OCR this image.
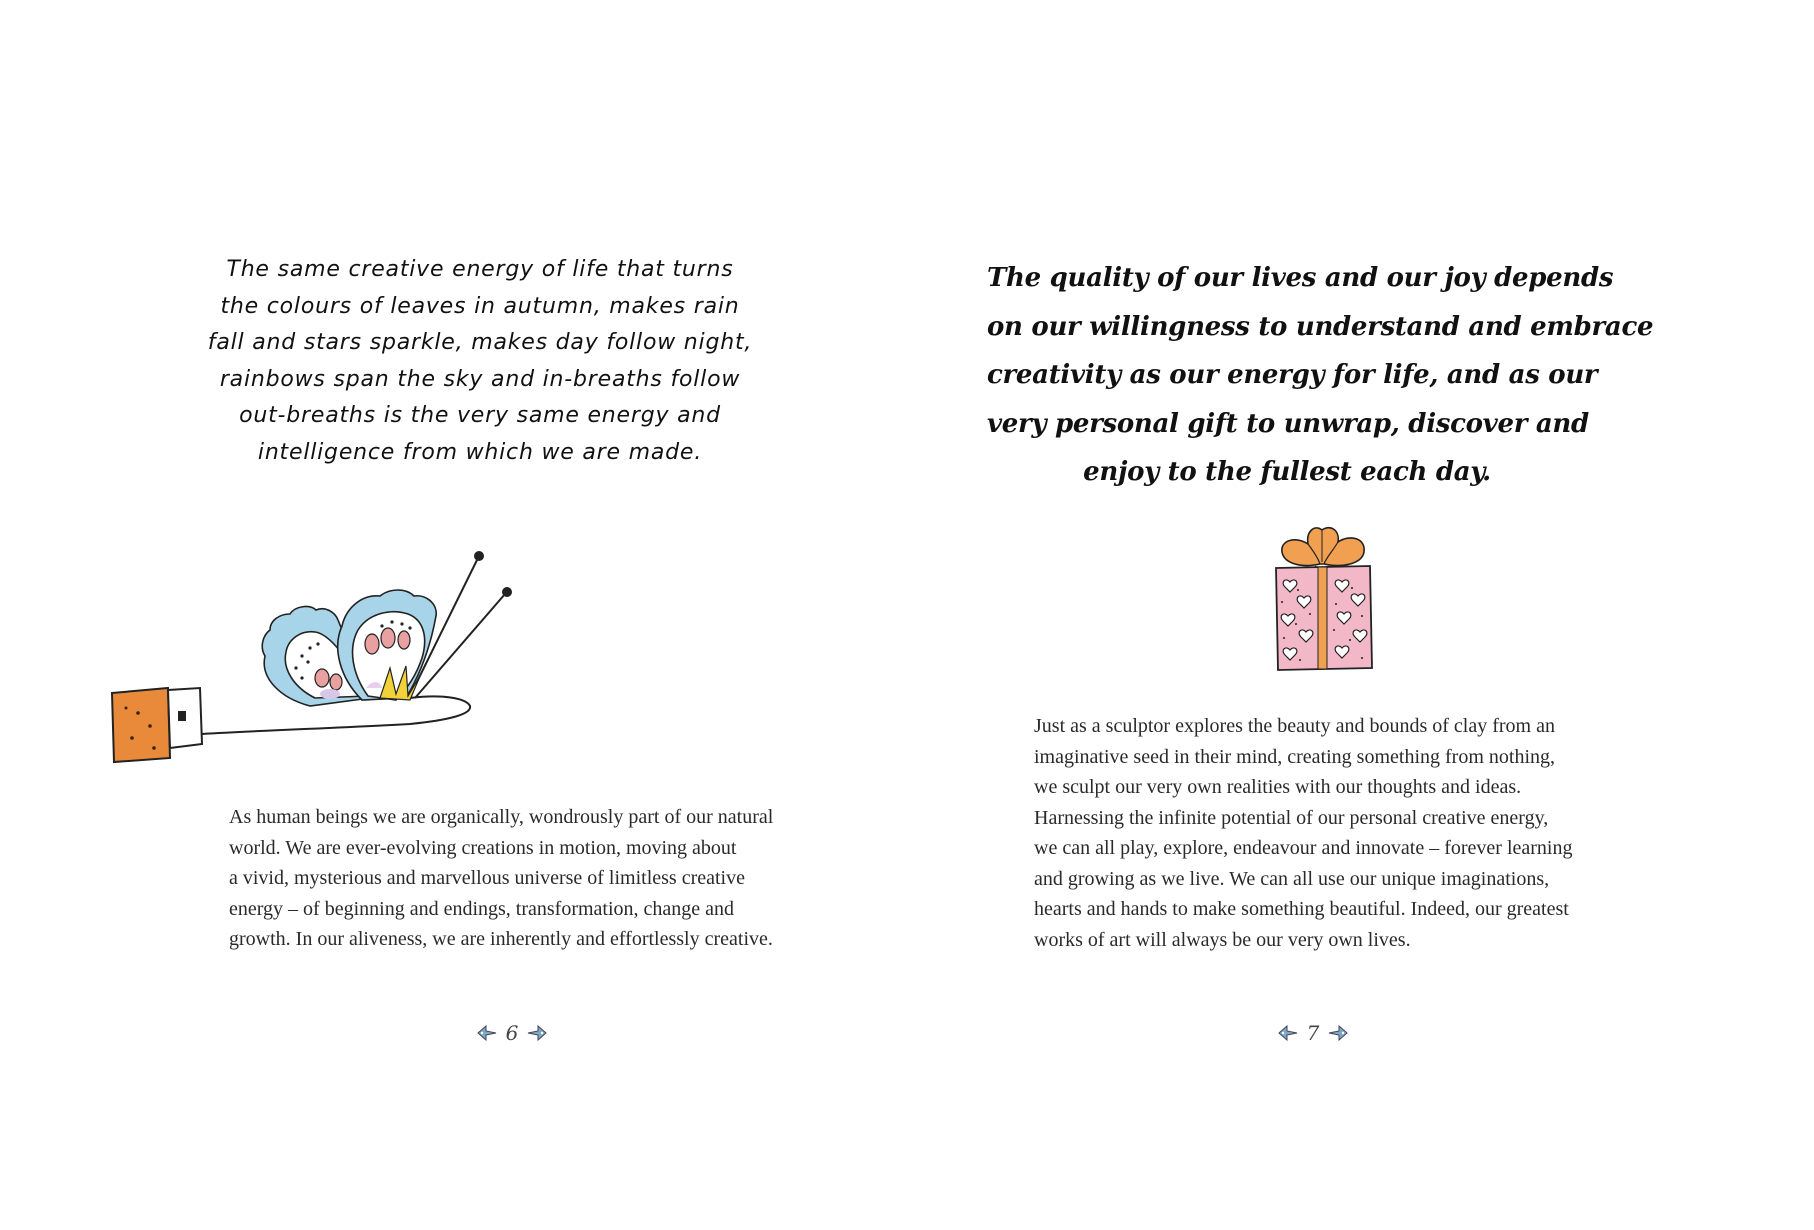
The same creative energy of life that turns
the colours of leaves in autumn, makes rain
fall and stars sparkle, makes day follow night,
rainbows span the sky and in-breaths follow
out-breaths is the very same energy and
intelligence from which we are made.

As human beings we are organically, wondrously part of our natural
world. We are ever-evolving creations in motion, moving about
a vivid, mysterious and marvellous universe of limitless creative
energy – of beginning and endings, transformation, change and
growth. In our aliveness, we are inherently and effortlessly creative.

6

The quality of our lives and our joy depends
on our willingness to understand and embrace
creativity as our energy for life, and as our
very personal gift to unwrap, discover and
enjoy to the fullest each day.

Just as a sculptor explores the beauty and bounds of clay from an
imaginative seed in their mind, creating something from nothing,
we sculpt our very own realities with our thoughts and ideas.
Harnessing the infinite potential of our personal creative energy,
we can all play, explore, endeavour and innovate – forever learning
and growing as we live. We can all use our unique imaginations,
hearts and hands to make something beautiful. Indeed, our greatest
works of art will always be our very own lives.

7
